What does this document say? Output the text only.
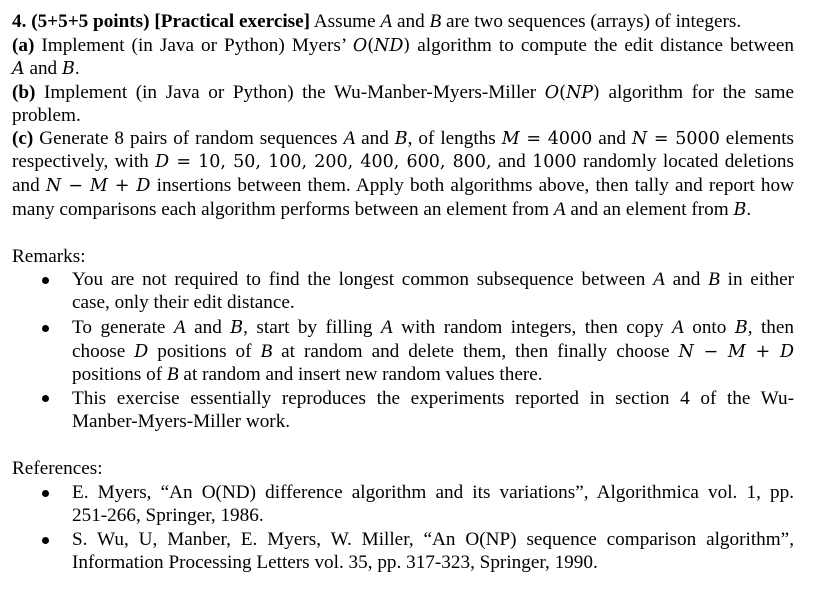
4. (5+5+5 points) [Practical exercise] Assume A and B are two sequences (arrays) of integers.
(a) Implement (in Java or Python) Myers’ O(ND) algorithm to compute the edit distance between
A and B.
(b) Implement (in Java or Python) the Wu-Manber-Myers-Miller O(NP) algorithm for the same
problem.
(c) Generate 8 pairs of random sequences A and B, of lengths M = 4000 and N = 5000 elements
respectively, with D = 10, 50, 100, 200, 400, 600, 800, and 1000 randomly located deletions
and N − M + D insertions between them. Apply both algorithms above, then tally and report how
many comparisons each algorithm performs between an element from A and an element from B.
Remarks:
You are not required to find the longest common subsequence between A and B in either
case, only their edit distance.
To generate A and B, start by filling A with random integers, then copy A onto B, then
choose D positions of B at random and delete them, then finally choose N − M + D
positions of B at random and insert new random values there.
This exercise essentially reproduces the experiments reported in section 4 of the Wu-
Manber-Myers-Miller work.
References:
E. Myers, “An O(ND) difference algorithm and its variations”, Algorithmica vol. 1, pp.
251-266, Springer, 1986.
S. Wu, U, Manber, E. Myers, W. Miller, “An O(NP) sequence comparison algorithm”,
Information Processing Letters vol. 35, pp. 317-323, Springer, 1990.
